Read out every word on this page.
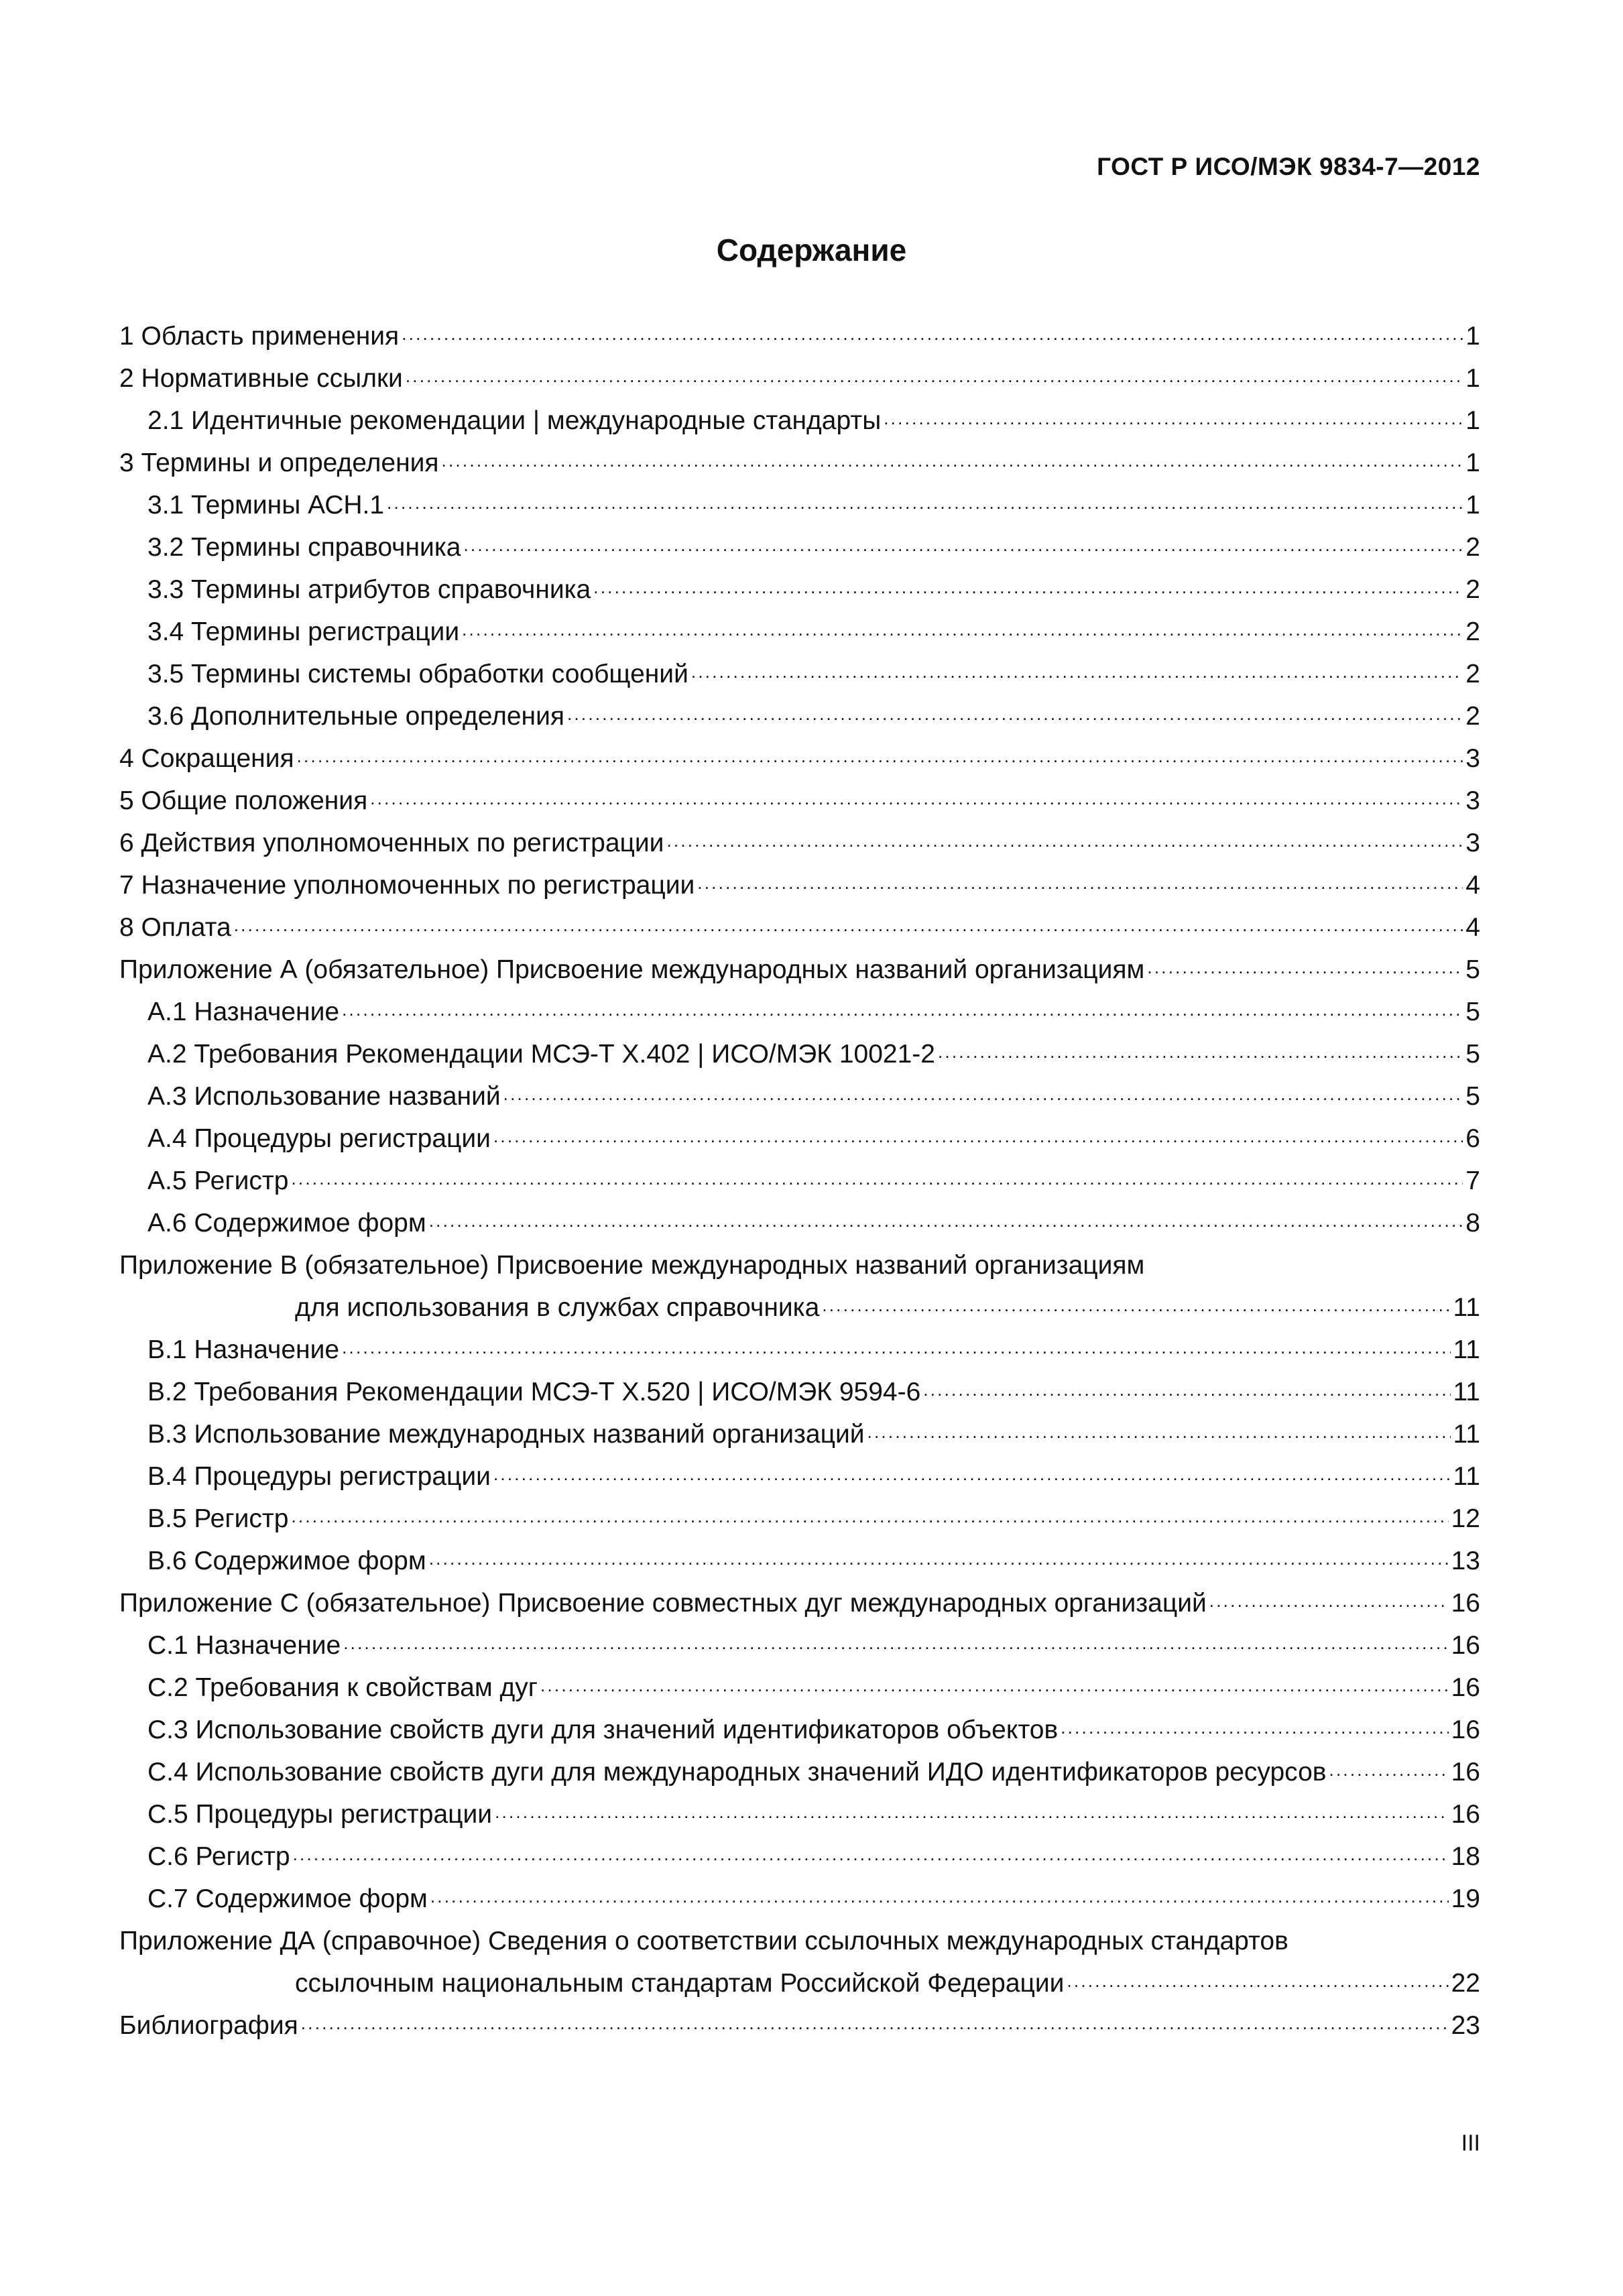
ГОСТ Р ИСО/МЭК 9834-7—2012
Содержание
1 Область применения . . .	1
2 Нормативные ссылки . . .	1
2.1 Идентичные рекомендации | международные стандарты . . .	1
3 Термины и определения . . .	1
3.1 Термины АСН.1 . . .	1
3.2 Термины справочника . . .	2
3.3 Термины атрибутов справочника . . .	2
3.4 Термины регистрации . . .	2
3.5 Термины системы обработки сообщений . . .	2
3.6 Дополнительные определения . . .	2
4 Сокращения . . .	3
5 Общие положения . . .	3
6 Действия уполномоченных по регистрации . . .	3
7 Назначение уполномоченных по регистрации . . .	4
8 Оплата . . .	4
Приложение А (обязательное) Присвоение международных названий организациям . . .	5
А.1 Назначение . . .	5
А.2 Требования Рекомендации МСЭ-Т Х.402 | ИСО/МЭК 10021-2 . . .	5
А.3 Использование названий . . .	5
А.4 Процедуры регистрации . . .	6
А.5 Регистр . . .	7
А.6 Содержимое форм . . .	8
Приложение В (обязательное) Присвоение международных названий организациям
для использования в службах справочника . . .	11
В.1 Назначение . . .	11
В.2 Требования Рекомендации МСЭ-Т Х.520 | ИСО/МЭК 9594-6 . . .	11
В.3 Использование международных названий организаций . . .	11
В.4 Процедуры регистрации . . .	11
В.5 Регистр . . .	12
В.6 Содержимое форм . . .	13
Приложение С (обязательное) Присвоение совместных дуг международных организаций . . .	16
С.1 Назначение . . .	16
С.2 Требования к свойствам дуг . . .	16
С.3 Использование свойств дуги для значений идентификаторов объектов . . .	16
С.4 Использование свойств дуги для международных значений ИДО идентификаторов ресурсов . . .	16
С.5 Процедуры регистрации . . .	16
С.6 Регистр . . .	18
С.7 Содержимое форм . . .	19
Приложение ДА (справочное) Сведения о соответствии ссылочных международных стандартов
ссылочным национальным стандартам Российской Федерации . . .	22
Библиография . . .	23
III
